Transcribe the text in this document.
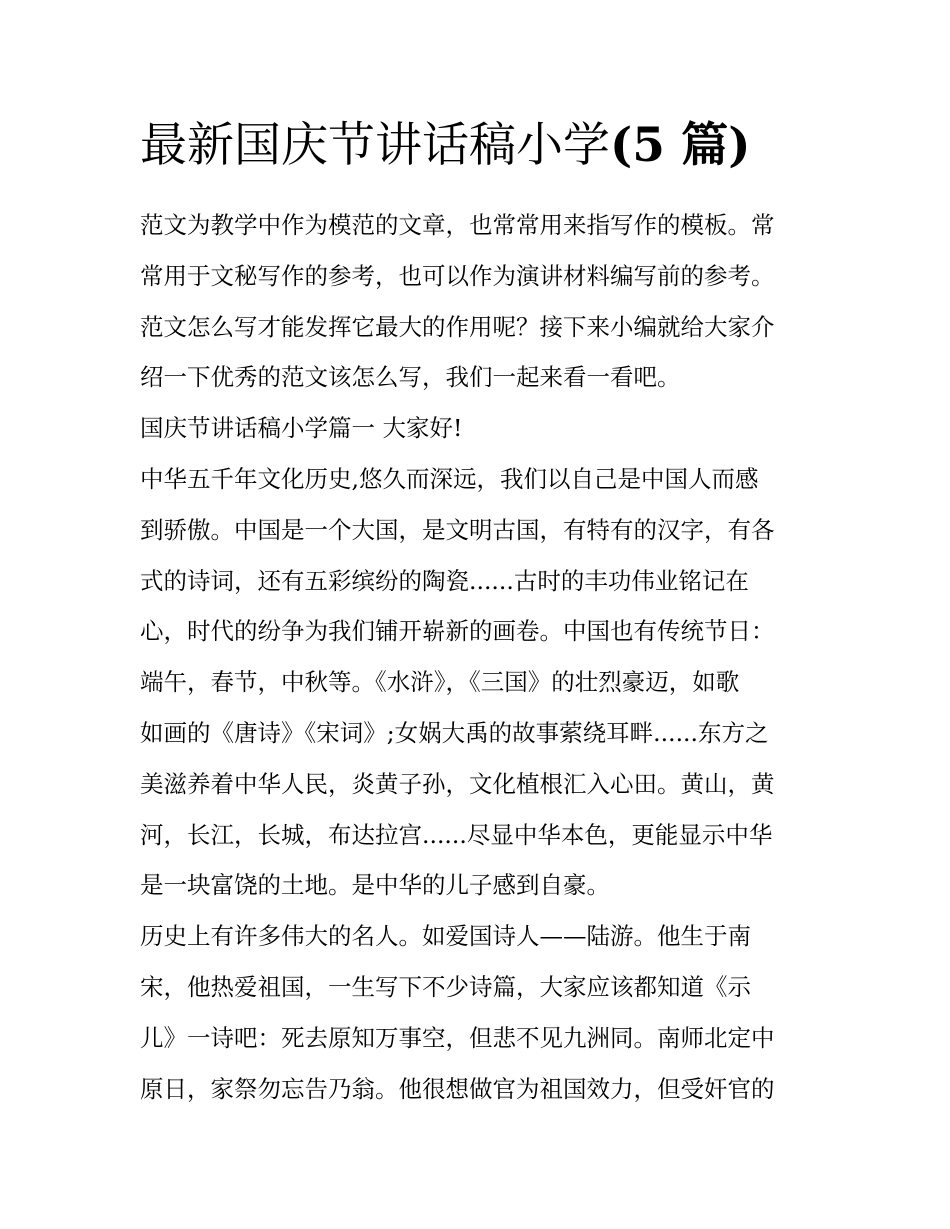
最新国庆节讲话稿小学(5 篇)
范文为教学中作为模范的文章，也常常用来指写作的模板。常
常用于文秘写作的参考，也可以作为演讲材料编写前的参考。
范文怎么写才能发挥它最大的作用呢？接下来小编就给大家介
绍一下优秀的范文该怎么写，我们一起来看一看吧。
国庆节讲话稿小学篇一 大家好!
中华五千年文化历史,悠久而深远，我们以自己是中国人而感
到骄傲。中国是一个大国，是文明古国，有特有的汉字，有各
式的诗词，还有五彩缤纷的陶瓷......古时的丰功伟业铭记在
心，时代的纷争为我们铺开崭新的画卷。中国也有传统节日：
端午，春节，中秋等。《水浒》，《三国》的壮烈豪迈，如歌
如画的《唐诗》《宋词》;女娲大禹的故事萦绕耳畔......东方之
美滋养着中华人民，炎黄子孙，文化植根汇入心田。黄山，黄
河，长江，长城，布达拉宫......尽显中华本色，更能显示中华
是一块富饶的土地。是中华的儿子感到自豪。
历史上有许多伟大的名人。如爱国诗人——陆游。他生于南
宋，他热爱祖国，一生写下不少诗篇，大家应该都知道《示
儿》一诗吧：死去原知万事空，但悲不见九洲同。南师北定中
原日，家祭勿忘告乃翁。他很想做官为祖国效力，但受奸官的
